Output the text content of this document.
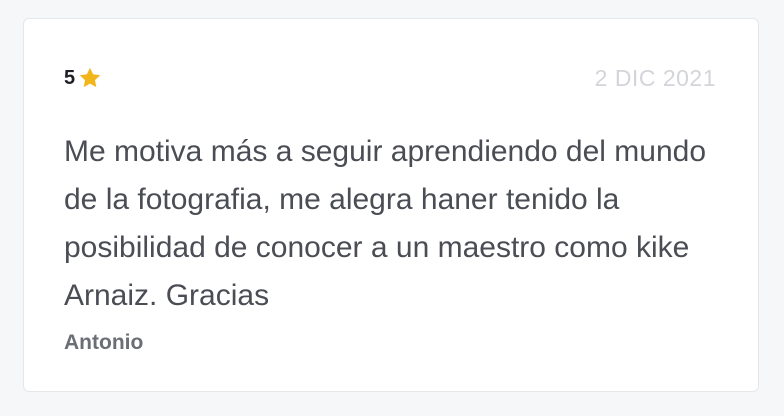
5	2 DIC 2021

Me motiva más a seguir aprendiendo del mundo de la fotografia, me alegra haner tenido la posibilidad de conocer a un maestro como kike Arnaiz. Gracias

Antonio
